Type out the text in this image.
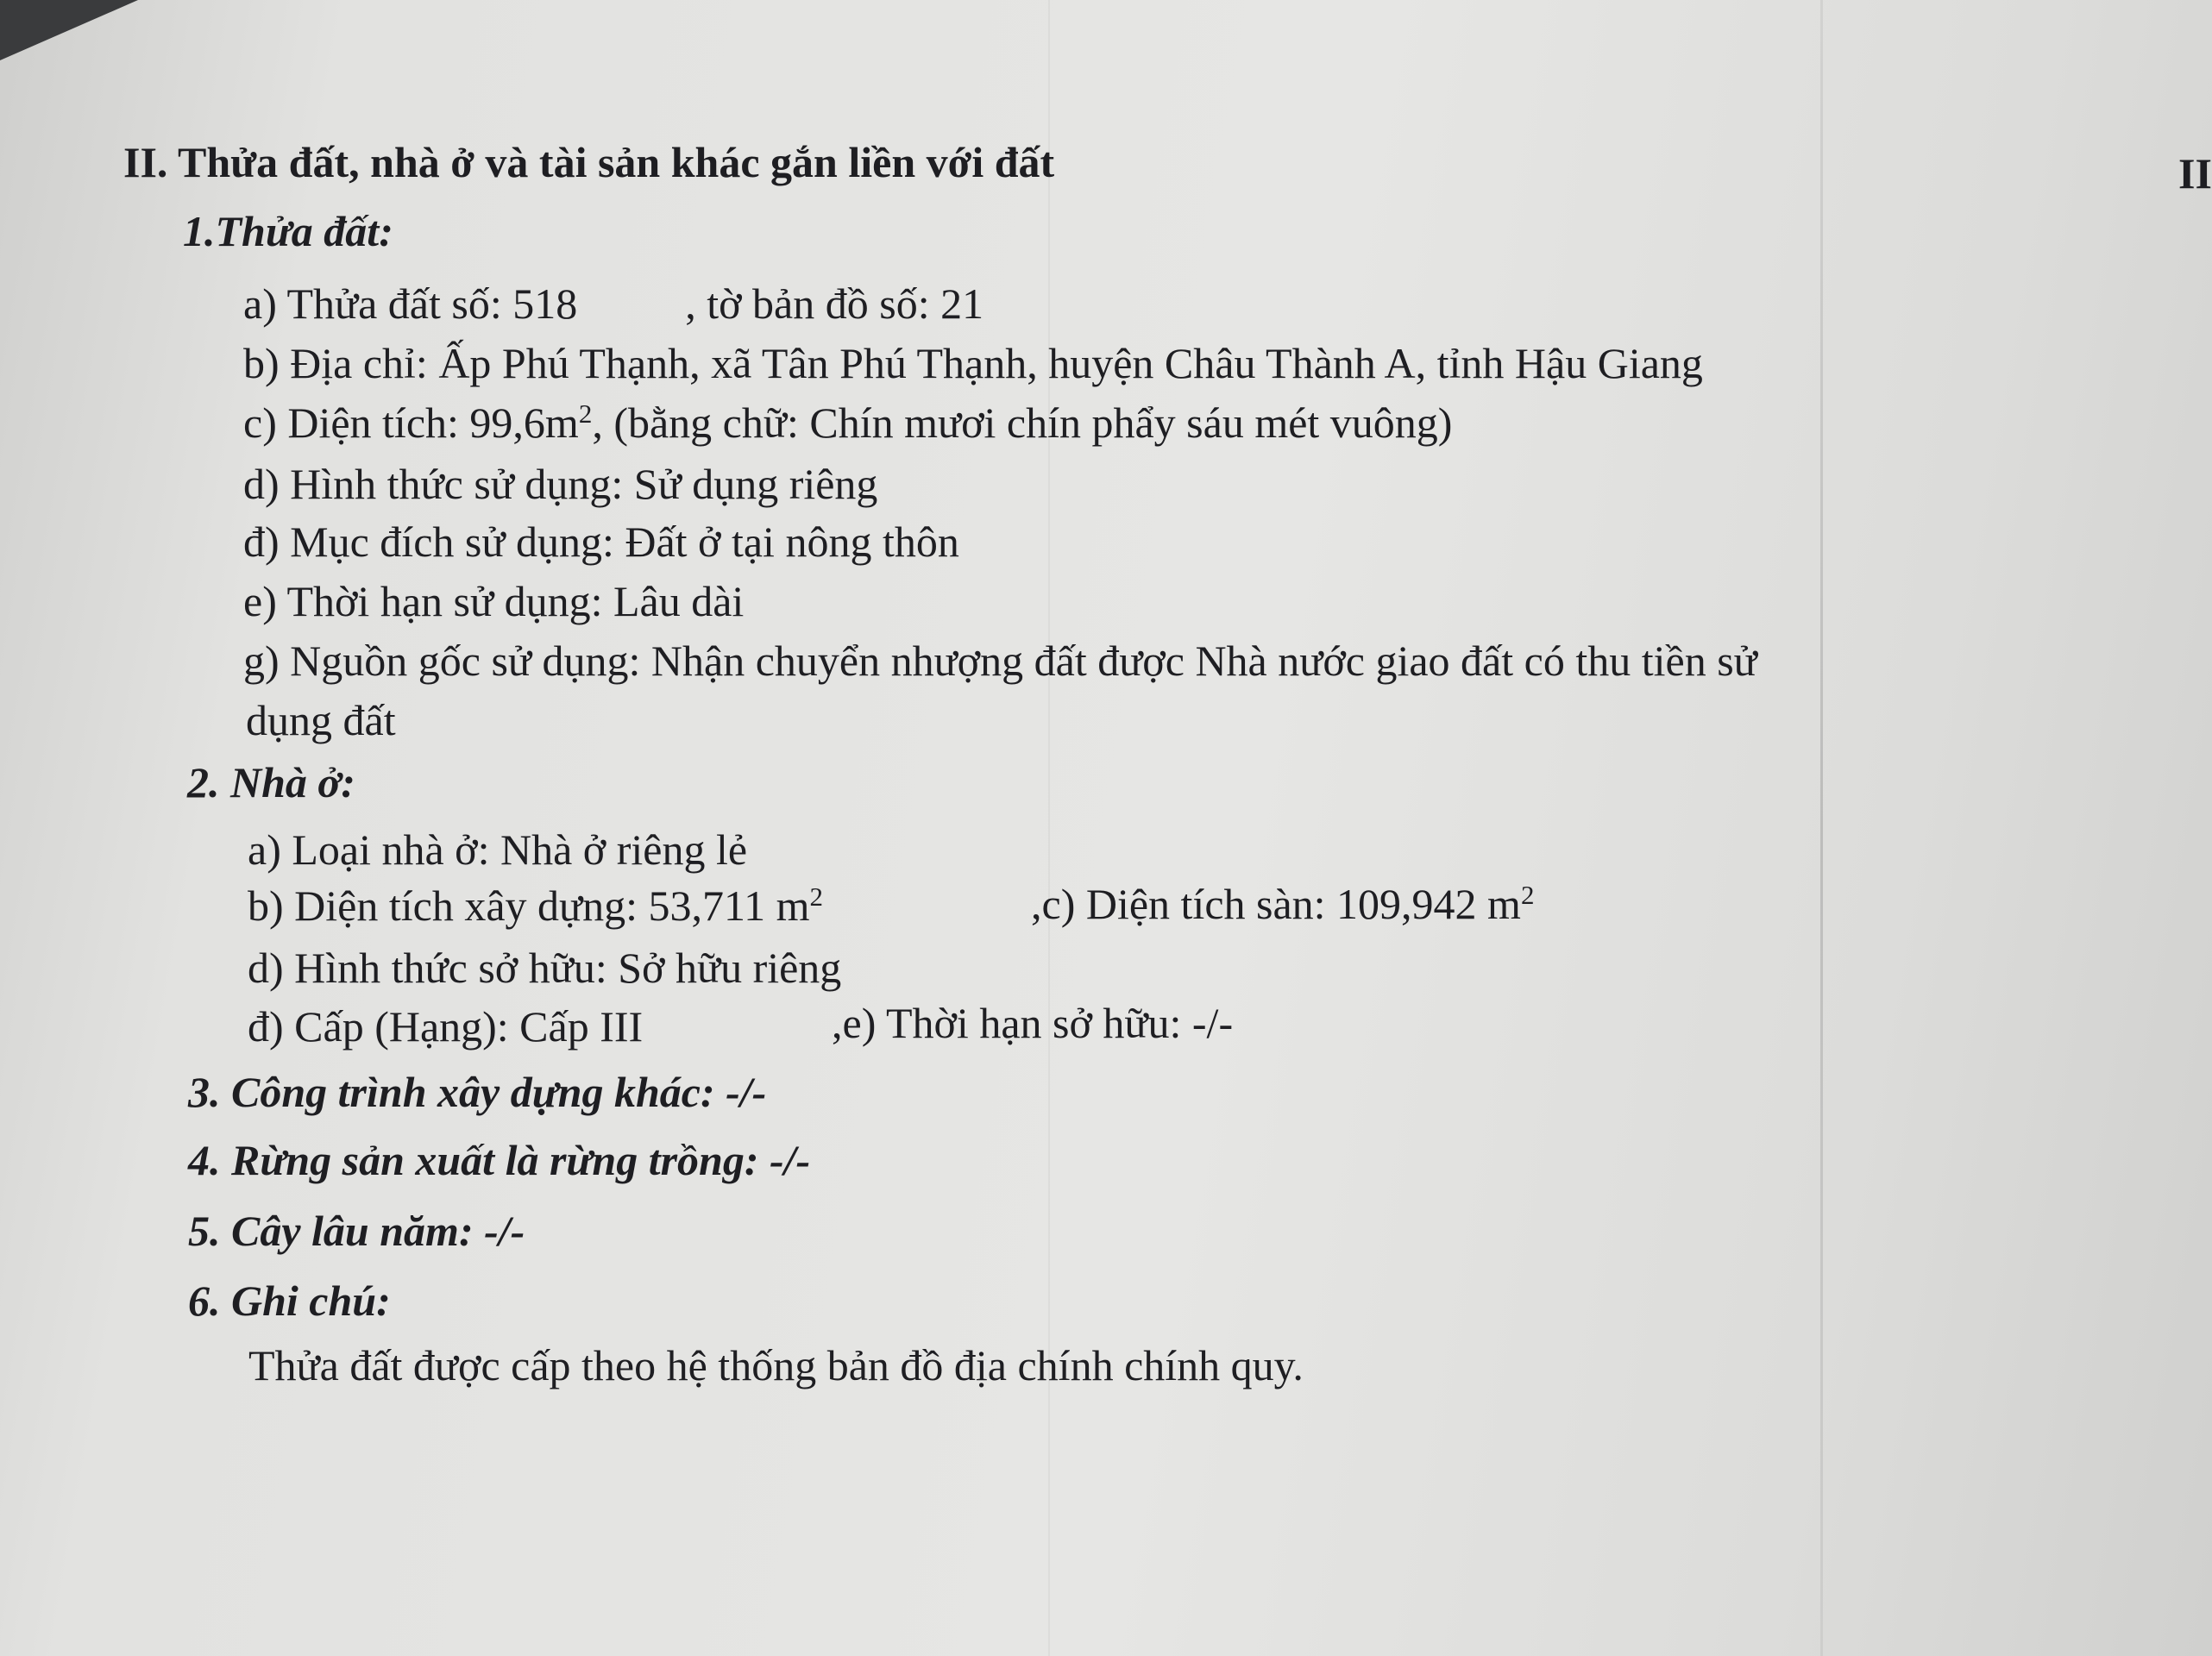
II. Thửa đất, nhà ở và tài sản khác gắn liền với đất	II
1.Thửa đất:
a) Thửa đất số: 518	, tờ bản đồ số: 21
b) Địa chỉ: Ấp Phú Thạnh, xã Tân Phú Thạnh, huyện Châu Thành A, tỉnh Hậu Giang
c) Diện tích: $99,6m^2$, (bằng chữ: Chín mươi chín phẩy sáu mét vuông)
d) Hình thức sử dụng: Sử dụng riêng
đ) Mục đích sử dụng: Đất ở tại nông thôn
e) Thời hạn sử dụng: Lâu dài
g) Nguồn gốc sử dụng: Nhận chuyển nhượng đất được Nhà nước giao đất có thu tiền sử
dụng đất
2. Nhà ở:
a) Loại nhà ở: Nhà ở riêng lẻ
b) Diện tích xây dựng: 53,711 $m^2$	,c) Diện tích sàn: 109,942 $m^2$
d) Hình thức sở hữu: Sở hữu riêng
đ) Cấp (Hạng): Cấp III	,e) Thời hạn sở hữu: -/-
3. Công trình xây dựng khác: -/-
4. Rừng sản xuất là rừng trồng: -/-
5. Cây lâu năm: -/-
6. Ghi chú:
Thửa đất được cấp theo hệ thống bản đồ địa chính chính quy.
